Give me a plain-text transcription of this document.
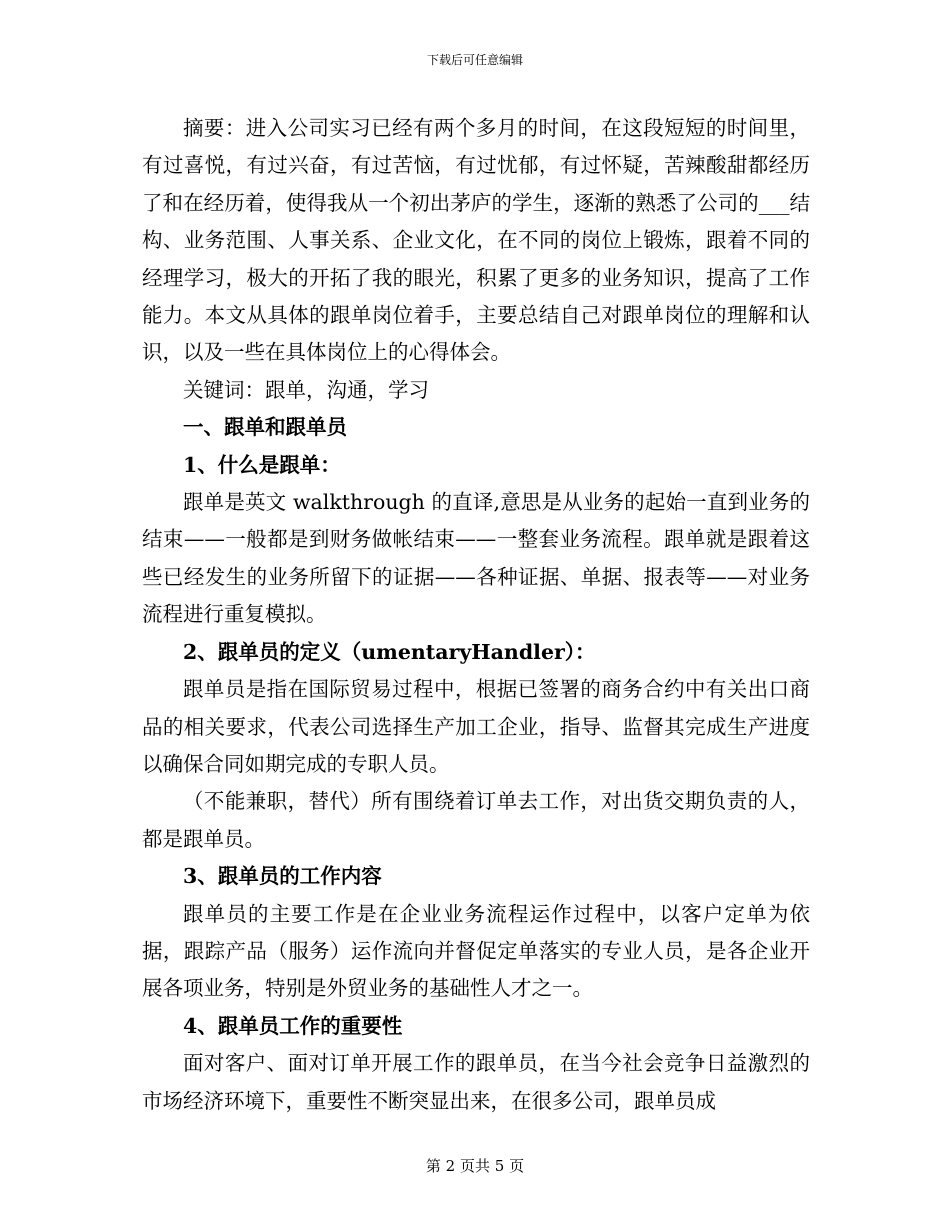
下载后可任意编辑

摘要：进入公司实习已经有两个多月的时间，在这段短短的时间里，有过喜悦，有过兴奋，有过苦恼，有过忧郁，有过怀疑，苦辣酸甜都经历了和在经历着，使得我从一个初出茅庐的学生，逐渐的熟悉了公司的___结构、业务范围、人事关系、企业文化，在不同的岗位上锻炼，跟着不同的经理学习，极大的开拓了我的眼光，积累了更多的业务知识，提高了工作能力。本文从具体的跟单岗位着手，主要总结自己对跟单岗位的理解和认识，以及一些在具体岗位上的心得体会。

关键词：跟单，沟通，学习

一、跟单和跟单员

1、什么是跟单：

跟单是英文 walkthrough 的直译,意思是从业务的起始一直到业务的结束——一般都是到财务做帐结束——一整套业务流程。跟单就是跟着这些已经发生的业务所留下的证据——各种证据、单据、报表等——对业务流程进行重复模拟。

2、跟单员的定义（umentaryHandler）：

跟单员是指在国际贸易过程中，根据已签署的商务合约中有关出口商品的相关要求，代表公司选择生产加工企业，指导、监督其完成生产进度以确保合同如期完成的专职人员。

（不能兼职，替代）所有围绕着订单去工作，对出货交期负责的人，都是跟单员。

3、跟单员的工作内容

跟单员的主要工作是在企业业务流程运作过程中，以客户定单为依据，跟踪产品（服务）运作流向并督促定单落实的专业人员，是各企业开展各项业务，特别是外贸业务的基础性人才之一。

4、跟单员工作的重要性

面对客户、面对订单开展工作的跟单员，在当今社会竞争日益激烈的市场经济环境下，重要性不断突显出来，在很多公司，跟单员成

第 2 页共 5 页
